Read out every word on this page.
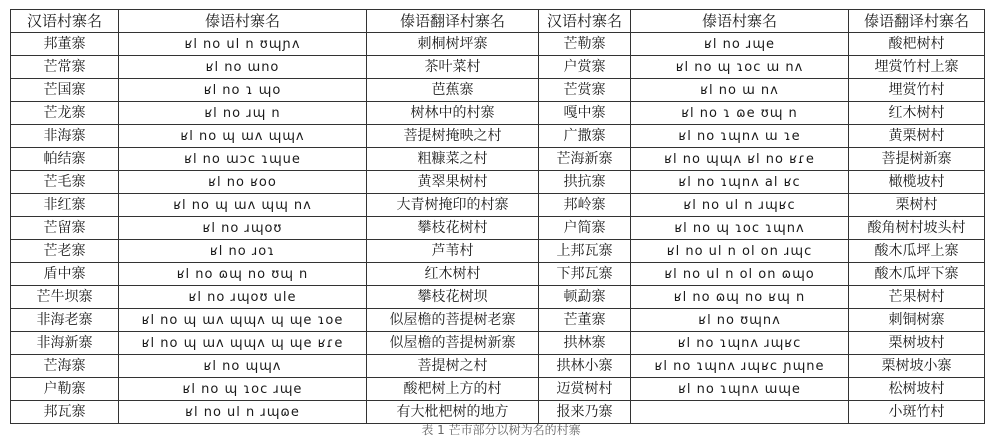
汉语村寨名	傣语村寨名	傣语翻译村寨名	汉语村寨名	傣语村寨名	傣语翻译村寨名
邦董寨	ʁl no ul n ʊɰɲʌ	刺桐树坪寨	芒勒寨	ʁl no ɹɰe	酸杷树村
芒常寨	ʁl no ɯno	茶叶菜村	户赏寨	ʁl no ɰ ɿoc ɯ nʌ	埋赏竹村上寨
芒国寨	ʁl no ɿ ɰo	芭蕉寨	芒赏寨	ʁl no ɯ nʌ	埋赏竹村
芒龙寨	ʁl no ɹɰ n	树林中的村寨	嘎中寨	ʁl no ɿ ɷe ʊɰ n	红木树村
非海寨	ʁl no ɰ ɯʌ ɰɰʌ	菩提树掩映之村	广撒寨	ʁl no ɿɰnʌ ɯ ɿe	黄栗树村
帕结寨	ʁl no ɯɔc ɿɰue	粗糠菜之村	芒海新寨	ʁl no ɰɰʌ ʁl no ʁɾe	菩提树新寨
芒毛寨	ʁl no ʁoo	黄翠果树村	拱抗寨	ʁl no ɿɰnʌ al ʁc	橄榄坡村
非红寨	ʁl no ɰ ɯʌ ɰɰ nʌ	大青树掩印的村寨	邦岭寨	ʁl no ul n ɹɰʁc	栗树村
芒留寨	ʁl no ɹɰoʊ	攀枝花树村	户简寨	ʁl no ɰ ɿoc ɿɰnʌ	酸角树村坡头村
芒老寨	ʁl no ɹoɿ	芦苇村	上邦瓦寨	ʁl no ul n ol on ɹɰc	酸木瓜坪上寨
盾中寨	ʁl no ɷɰ no ʊɰ n	红木树村	下邦瓦寨	ʁl no ul n ol on ɷɰo	酸木瓜坪下寨
芒牛坝寨	ʁl no ɹɰoʊ ule	攀枝花树坝	顿勐寨	ʁl no ɷɰ no ʁɰ n	芒果树村
非海老寨	ʁl no ɰ ɯʌ ɰɰʌ ɰ ɰe ɿoe	似屋檐的菩提树老寨	芒董寨	ʁl no ʊɰnʌ	刺铜树寨
非海新寨	ʁl no ɰ ɯʌ ɰɰʌ ɰ ɰe ʁɾe	似屋檐的菩提树新寨	拱林寨	ʁl no ɿɰnʌ ɹɰʁc	栗树坡村
芒海寨	ʁl no ɰɰʌ	菩提树之村	拱林小寨	ʁl no ɿɰnʌ ɹɰʁc ɲɰne	栗树坡小寨
户勒寨	ʁl no ɰ ɿoc ɹɰe	酸杷树上方的村	迈赏树村	ʁl no ɿɰnʌ ɯɰe	松树坡村
邦瓦寨	ʁl no ul n ɹɰɷe	有大枇杷树的地方	报来乃寨		小斑竹村
表 1 芒市部分以树为名的村寨
